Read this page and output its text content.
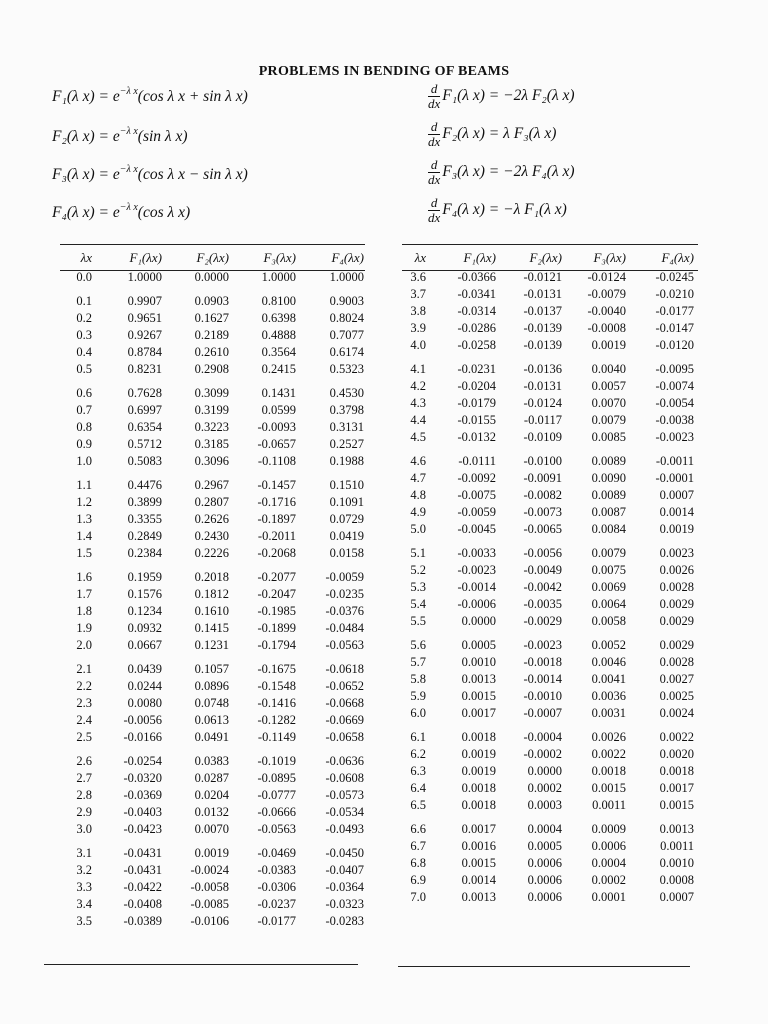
PROBLEMS IN BENDING OF BEAMS
F₁(λ $x) = e^{-\lambda x}(\cos$ λ x + sin λ x)
F₂(λ $x) = e^{-\lambda x}(\sin$ λ x)
F₃(λ $x) = e^{-\lambda x}(\cos$ λ x − sin λ x)
F₄(λ $x) = e^{-\lambda x}(\cos$ λ x)
$\frac{d}{dx} F_1(\lambda$ x) = −2λ F₂(λ x)
$\frac{d}{dx} F_2(\lambda$ x) = λ F₃(λ x)
$\frac{d}{dx} F_3(\lambda$ x) = −2λ F₄(λ x)
$\frac{d}{dx} F_4(\lambda$ x) = −λ F₁(λ x)
λx	F₁(λx)	F₂(λx)	F₃(λx)	F₄(λx)
0.0	1.0000	0.0000	1.0000	1.0000

0.1	0.9907	0.0903	0.8100	0.9003
0.2	0.9651	0.1627	0.6398	0.8024
0.3	0.9267	0.2189	0.4888	0.7077
0.4	0.8784	0.2610	0.3564	0.6174
0.5	0.8231	0.2908	0.2415	0.5323

0.6	0.7628	0.3099	0.1431	0.4530
0.7	0.6997	0.3199	0.0599	0.3798
0.8	0.6354	0.3223	-0.0093	0.3131
0.9	0.5712	0.3185	-0.0657	0.2527
1.0	0.5083	0.3096	-0.1108	0.1988

1.1	0.4476	0.2967	-0.1457	0.1510
1.2	0.3899	0.2807	-0.1716	0.1091
1.3	0.3355	0.2626	-0.1897	0.0729
1.4	0.2849	0.2430	-0.2011	0.0419
1.5	0.2384	0.2226	-0.2068	0.0158

1.6	0.1959	0.2018	-0.2077	-0.0059
1.7	0.1576	0.1812	-0.2047	-0.0235
1.8	0.1234	0.1610	-0.1985	-0.0376
1.9	0.0932	0.1415	-0.1899	-0.0484
2.0	0.0667	0.1231	-0.1794	-0.0563

2.1	0.0439	0.1057	-0.1675	-0.0618
2.2	0.0244	0.0896	-0.1548	-0.0652
2.3	0.0080	0.0748	-0.1416	-0.0668
2.4	-0.0056	0.0613	-0.1282	-0.0669
2.5	-0.0166	0.0491	-0.1149	-0.0658

2.6	-0.0254	0.0383	-0.1019	-0.0636
2.7	-0.0320	0.0287	-0.0895	-0.0608
2.8	-0.0369	0.0204	-0.0777	-0.0573
2.9	-0.0403	0.0132	-0.0666	-0.0534
3.0	-0.0423	0.0070	-0.0563	-0.0493

3.1	-0.0431	0.0019	-0.0469	-0.0450
3.2	-0.0431	-0.0024	-0.0383	-0.0407
3.3	-0.0422	-0.0058	-0.0306	-0.0364
3.4	-0.0408	-0.0085	-0.0237	-0.0323
3.5	-0.0389	-0.0106	-0.0177	-0.0283
λx	F₁(λx)	F₂(λx)	F₃(λx)	F₄(λx)
3.6	-0.0366	-0.0121	-0.0124	-0.0245
3.7	-0.0341	-0.0131	-0.0079	-0.0210
3.8	-0.0314	-0.0137	-0.0040	-0.0177
3.9	-0.0286	-0.0139	-0.0008	-0.0147
4.0	-0.0258	-0.0139	0.0019	-0.0120

4.1	-0.0231	-0.0136	0.0040	-0.0095
4.2	-0.0204	-0.0131	0.0057	-0.0074
4.3	-0.0179	-0.0124	0.0070	-0.0054
4.4	-0.0155	-0.0117	0.0079	-0.0038
4.5	-0.0132	-0.0109	0.0085	-0.0023

4.6	-0.0111	-0.0100	0.0089	-0.0011
4.7	-0.0092	-0.0091	0.0090	-0.0001
4.8	-0.0075	-0.0082	0.0089	0.0007
4.9	-0.0059	-0.0073	0.0087	0.0014
5.0	-0.0045	-0.0065	0.0084	0.0019

5.1	-0.0033	-0.0056	0.0079	0.0023
5.2	-0.0023	-0.0049	0.0075	0.0026
5.3	-0.0014	-0.0042	0.0069	0.0028
5.4	-0.0006	-0.0035	0.0064	0.0029
5.5	0.0000	-0.0029	0.0058	0.0029

5.6	0.0005	-0.0023	0.0052	0.0029
5.7	0.0010	-0.0018	0.0046	0.0028
5.8	0.0013	-0.0014	0.0041	0.0027
5.9	0.0015	-0.0010	0.0036	0.0025
6.0	0.0017	-0.0007	0.0031	0.0024

6.1	0.0018	-0.0004	0.0026	0.0022
6.2	0.0019	-0.0002	0.0022	0.0020
6.3	0.0019	0.0000	0.0018	0.0018
6.4	0.0018	0.0002	0.0015	0.0017
6.5	0.0018	0.0003	0.0011	0.0015

6.6	0.0017	0.0004	0.0009	0.0013
6.7	0.0016	0.0005	0.0006	0.0011
6.8	0.0015	0.0006	0.0004	0.0010
6.9	0.0014	0.0006	0.0002	0.0008
7.0	0.0013	0.0006	0.0001	0.0007
